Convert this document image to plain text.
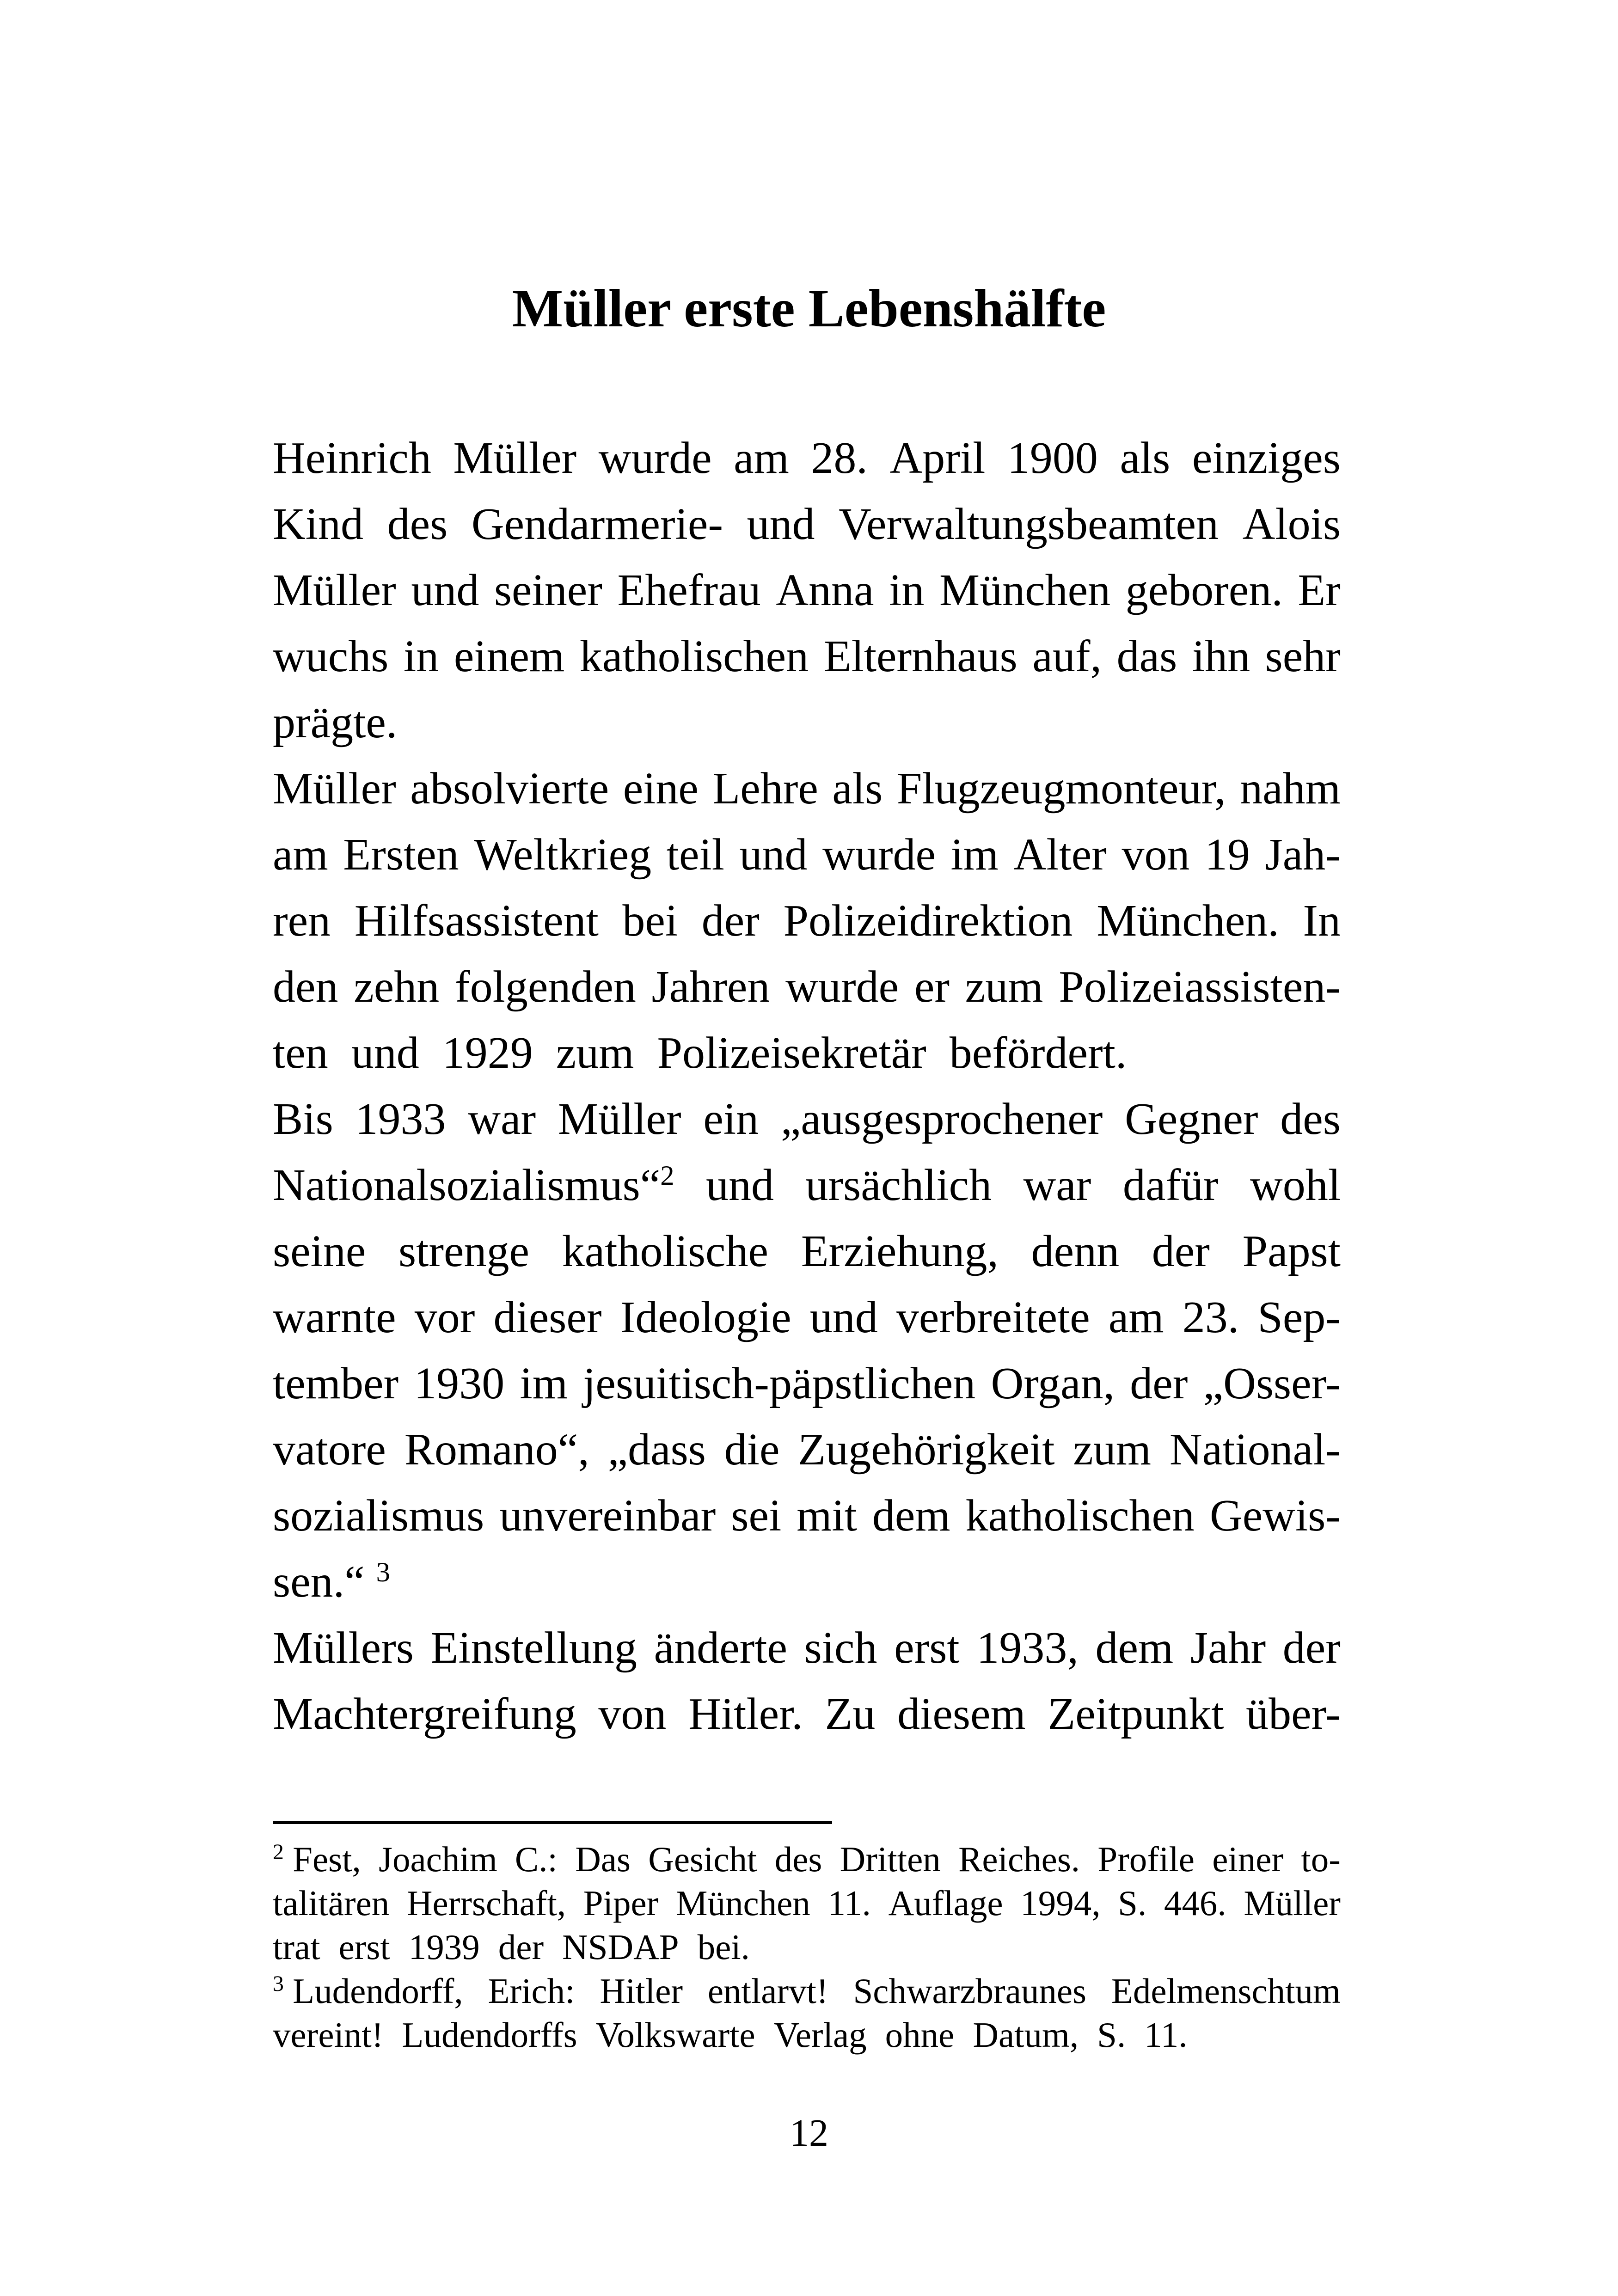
Müller erste Lebenshälfte
Heinrich Müller wurde am 28. April 1900 als einziges
Kind des Gendarmerie- und Verwaltungsbeamten Alois
Müller und seiner Ehefrau Anna in München geboren. Er
wuchs in einem katholischen Elternhaus auf, das ihn sehr
prägte.
Müller absolvierte eine Lehre als Flugzeugmonteur, nahm
am Ersten Weltkrieg teil und wurde im Alter von 19 Jah-
ren Hilfsassistent bei der Polizeidirektion München. In
den zehn folgenden Jahren wurde er zum Polizeiassisten-
ten und 1929 zum Polizeisekretär befördert.
Bis 1933 war Müller ein „ausgesprochener Gegner des
Nationalsozialismus“$^2$ und ursächlich war dafür wohl
seine strenge katholische Erziehung, denn der Papst
warnte vor dieser Ideologie und verbreitete am 23. Sep-
tember 1930 im jesuitisch-päpstlichen Organ, der „Osser-
vatore Romano“, „dass die Zugehörigkeit zum National-
sozialismus unvereinbar sei mit dem katholischen Gewis-
sen.“ $^3$
Müllers Einstellung änderte sich erst 1933, dem Jahr der
Machtergreifung von Hitler. Zu diesem Zeitpunkt über-
$^2$ Fest, Joachim C.: Das Gesicht des Dritten Reiches. Profile einer to-
talitären Herrschaft, Piper München 11. Auflage 1994, S. 446. Müller
trat erst 1939 der NSDAP bei.
$^3$ Ludendorff, Erich: Hitler entlarvt! Schwarzbraunes Edelmenschtum
vereint! Ludendorffs Volkswarte Verlag ohne Datum, S. 11.
12
